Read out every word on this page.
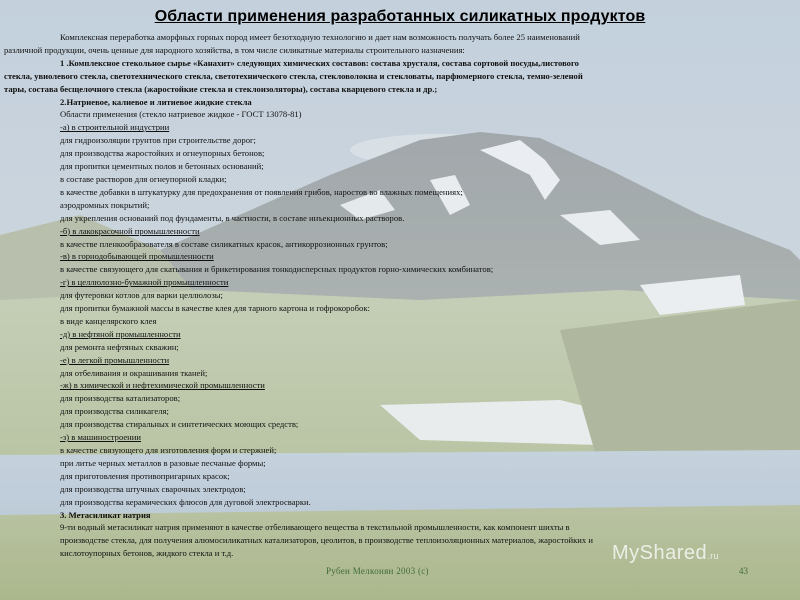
Области применения разработанных силикатных продуктов
Комплексная переработка аморфных горных пород имеет безотходную технологию и дает нам возможность получать более 25 наименований
различной продукции, очень ценные для народного хозяйства, в том числе силикатные материалы строительного назначения:
1 .Комплексное стекольное сырье «Канахит» следующих химических составов: состава хрусталя, состава сортовой посуды,листового
стекла, увиолевого стекла, светотехнического стекла, светотехнического стекла, стекловолокна и стекловаты, парфюмерного стекла, темно-зеленой
тары, состава бесщелочного стекла (жаростойкие стекла и стеклоизоляторы), состава кварцевого стекла и др.;
2.Натриевое, калиевое и литиевое жидкие стекла
Области применения (стекло натриевое жидкое - ГОСТ 13078-81)
-а) в строительной индустрии
для гидроизоляции грунтов при строительстве дорог;
для производства жаростойких и огнеупорных бетонов;
для пропитки цементных полов и бетонных оснований;
в составе растворов для огнеупорной кладки;
в качестве добавки в штукатурку для предохранения от появления грибов, наростов во влажных помещениях;
аэродромных покрытий;
для укрепления оснований под фундаменты, в частности, в составе инъекционных растворов.
-б) в лакокрасочной промышленности
в качестве пленкообразователя в составе силикатных красок, антикоррозионных грунтов;
-в) в горнодобывающей промышленности
в качестве связующего для скатывания и брикетирования тонкодисперсных продуктов горно-химических комбинатов;
-г) в целлюлозно-бумажной промышленности
для футеровки котлов для варки целлюлозы;
для пропитки бумажной массы в качестве клея для тарного картона и гофрокоробок:
в виде канцелярского клея
-д) в нефтяной промышленности
для ремонта нефтяных скважин;
-е) в легкой промышленности
для отбеливания и окрашивания тканей;
-ж) в химической и нефтехимической промышленности
для производства катализаторов;
для производства силикагеля;
для производства стиральных и синтетических моющих средств;
-з) в машиностроении
в качестве связующего для изготовления форм и стержней;
при литье черных металлов в разовые песчаные формы;
для приготовления противопригарных красок;
для производства штучных сварочных электродов;
для производства керамических флюсов для дуговой электросварки.
3. Метасиликат натрия
9-ти водный метасиликат натрия применяют в качестве отбеливающего вещества в текстильной промышленности, как компонент шихты в
производстве стекла, для получения алюмосиликатных катализаторов, цеолитов, в производстве теплоизоляционных материалов, жаростойких и
кислотоупорных бетонов, жидкого стекла и т.д.
Рубен Мелконян 2003 (с)	43
MyShared.ru
